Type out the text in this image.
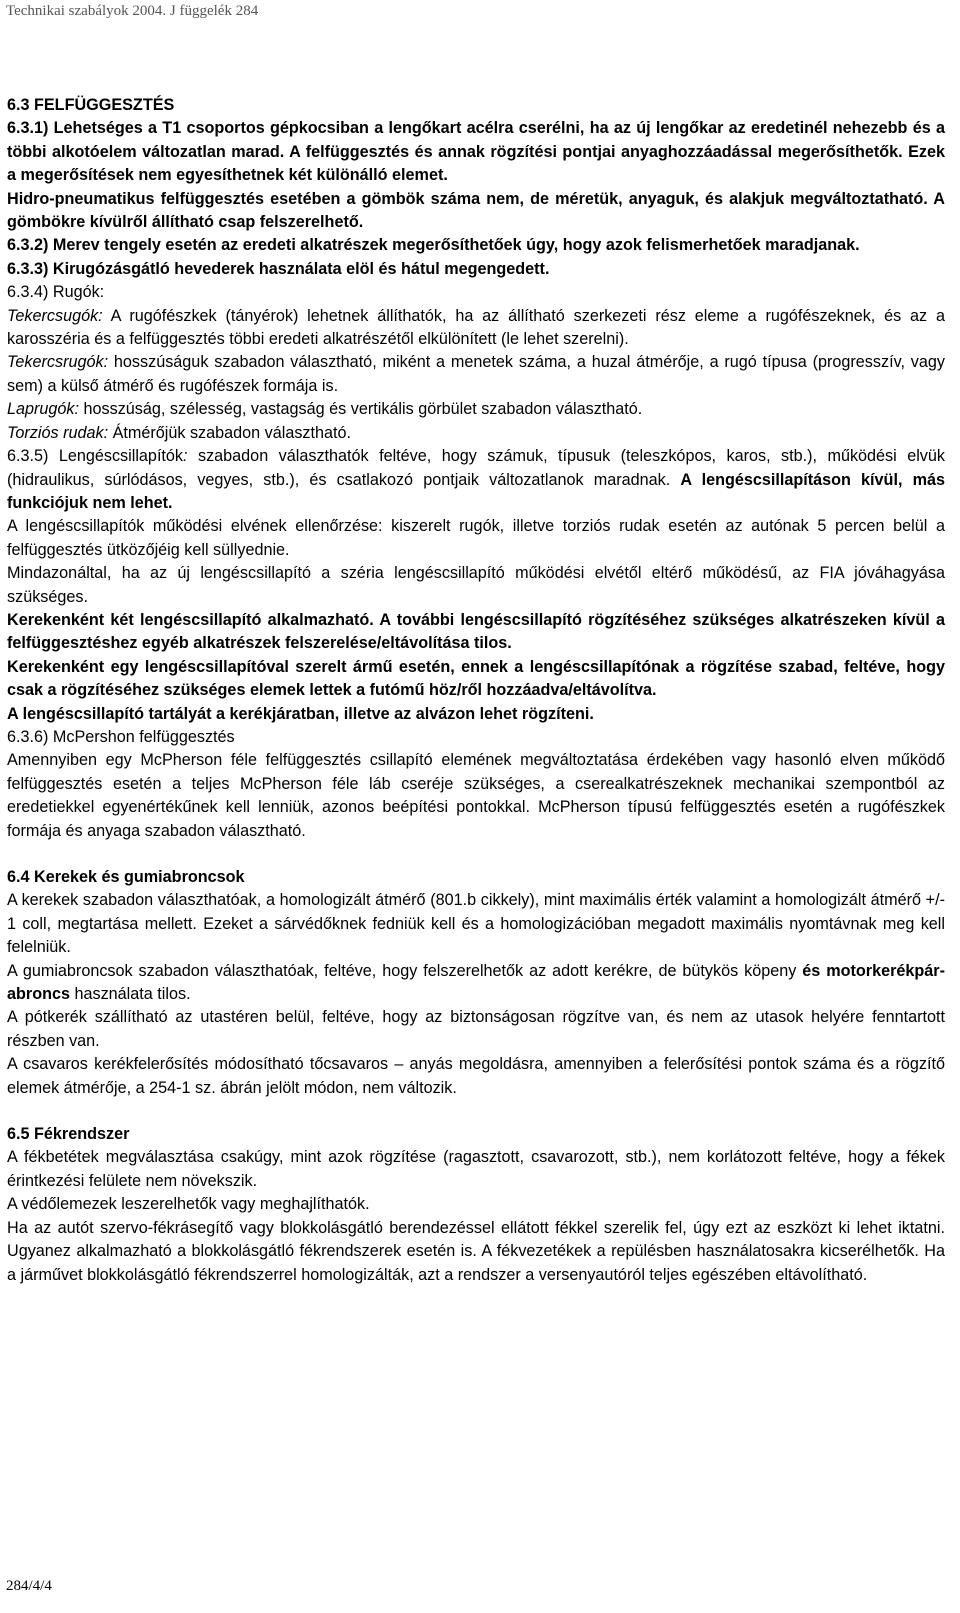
Technikai szabályok 2004. J függelék 284

6.3 FELFÜGGESZTÉS

6.3.1) Lehetséges a T1 csoportos gépkocsiban a lengőkart acélra cserélni, ha az új lengőkar az eredetinél nehezebb és a többi alkotóelem változatlan marad. A felfüggesztés és annak rögzítési pontjai anyaghozzáadással megerősíthetők. Ezek a megerősítések nem egyesíthetnek két különálló elemet.

Hidro-pneumatikus felfüggesztés esetében a gömbök száma nem, de méretük, anyaguk, és alakjuk megváltoztatható. A gömbökre kívülről állítható csap felszerelhető.

6.3.2) Merev tengely esetén az eredeti alkatrészek megerősíthetőek úgy, hogy azok felismerhetőek maradjanak.

6.3.3) Kirugózásgátló hevederek használata elöl és hátul megengedett.

6.3.4) Rugók:

Tekercsugók: A rugófészkek (tányérok) lehetnek állíthatók, ha az állítható szerkezeti rész eleme a rugófészeknek, és az a karosszéria és a felfüggesztés többi eredeti alkatrészétől elkülönített (le lehet szerelni).

Tekercsrugók: hosszúságuk szabadon választható, miként a menetek száma, a huzal átmérője, a rugó típusa (progresszív, vagy sem) a külső átmérő és rugófészek formája is.

Laprugók: hosszúság, szélesség, vastagság és vertikális görbület szabadon választható.

Torziós rudak: Átmérőjük szabadon választható.

6.3.5) Lengéscsillapítók: szabadon választhatók feltéve, hogy számuk, típusuk (teleszkópos, karos, stb.), működési elvük (hidraulikus, súrlódásos, vegyes, stb.), és csatlakozó pontjaik változatlanok maradnak. A lengéscsillapításon kívül, más funkciójuk nem lehet.

A lengéscsillapítók működési elvének ellenőrzése: kiszerelt rugók, illetve torziós rudak esetén az autónak 5 percen belül a felfüggesztés ütközőjéig kell süllyednie.

Mindazonáltal, ha az új lengéscsillapító a széria lengéscsillapító működési elvétől eltérő működésű, az FIA jóváhagyása szükséges.

Kerekenként két lengéscsillapító alkalmazható. A további lengéscsillapító rögzítéséhez szükséges alkatrészeken kívül a felfüggesztéshez egyéb alkatrészek felszerelése/eltávolítása tilos.

Kerekenként egy lengéscsillapítóval szerelt ármű esetén, ennek a lengéscsillapítónak a rögzítése szabad, feltéve, hogy csak a rögzítéséhez szükséges elemek lettek a futómű höz/ről hozzáadva/eltávolítva.

A lengéscsillapító tartályát a kerékjáratban, illetve az alvázon lehet rögzíteni.

6.3.6) McPershon felfüggesztés

Amennyiben egy McPherson féle felfüggesztés csillapító elemének megváltoztatása érdekében vagy hasonló elven működő felfüggesztés esetén a teljes McPherson féle láb cseréje szükséges, a cserealkatrészeknek mechanikai szempontból az eredetiekkel egyenértékűnek kell lenniük, azonos beépítési pontokkal. McPherson típusú felfüggesztés esetén a rugófészkek formája és anyaga szabadon választható.

6.4 Kerekek és gumiabroncsok

A kerekek szabadon választhatóak, a homologizált átmérő (801.b cikkely), mint maximális érték valamint a homologizált átmérő +/- 1 coll, megtartása mellett. Ezeket a sárvédőknek fedniük kell és a homologizációban megadott maximális nyomtávnak meg kell felelniük.

A gumiabroncsok szabadon választhatóak, feltéve, hogy felszerelhetők az adott kerékre, de bütykös köpeny és motorkerékpár-abroncs használata tilos.

A pótkerék szállítható az utastéren belül, feltéve, hogy az biztonságosan rögzítve van, és nem az utasok helyére fenntartott részben van.

A csavaros kerékfelerősítés módosítható tőcsavaros – anyás megoldásra, amennyiben a felerősítési pontok száma és a rögzítő elemek átmérője, a 254-1 sz. ábrán jelölt módon, nem változik.

6.5 Fékrendszer

A fékbetétek megválasztása csakúgy, mint azok rögzítése (ragasztott, csavarozott, stb.), nem korlátozott feltéve, hogy a fékek érintkezési felülete nem növekszik.

A védőlemezek leszerelhetők vagy meghajlíthatók.

Ha az autót szervo-fékrásegítő vagy blokkolásgátló berendezéssel ellátott fékkel szerelik fel, úgy ezt az eszközt ki lehet iktatni. Ugyanez alkalmazható a blokkolásgátló fékrendszerek esetén is. A fékvezetékek a repülésben használatosakra kicserélhetők. Ha a járművet blokkolásgátló fékrendszerrel homologizálták, azt a rendszer a versenyautóról teljes egészében eltávolítható.

284/4/4
